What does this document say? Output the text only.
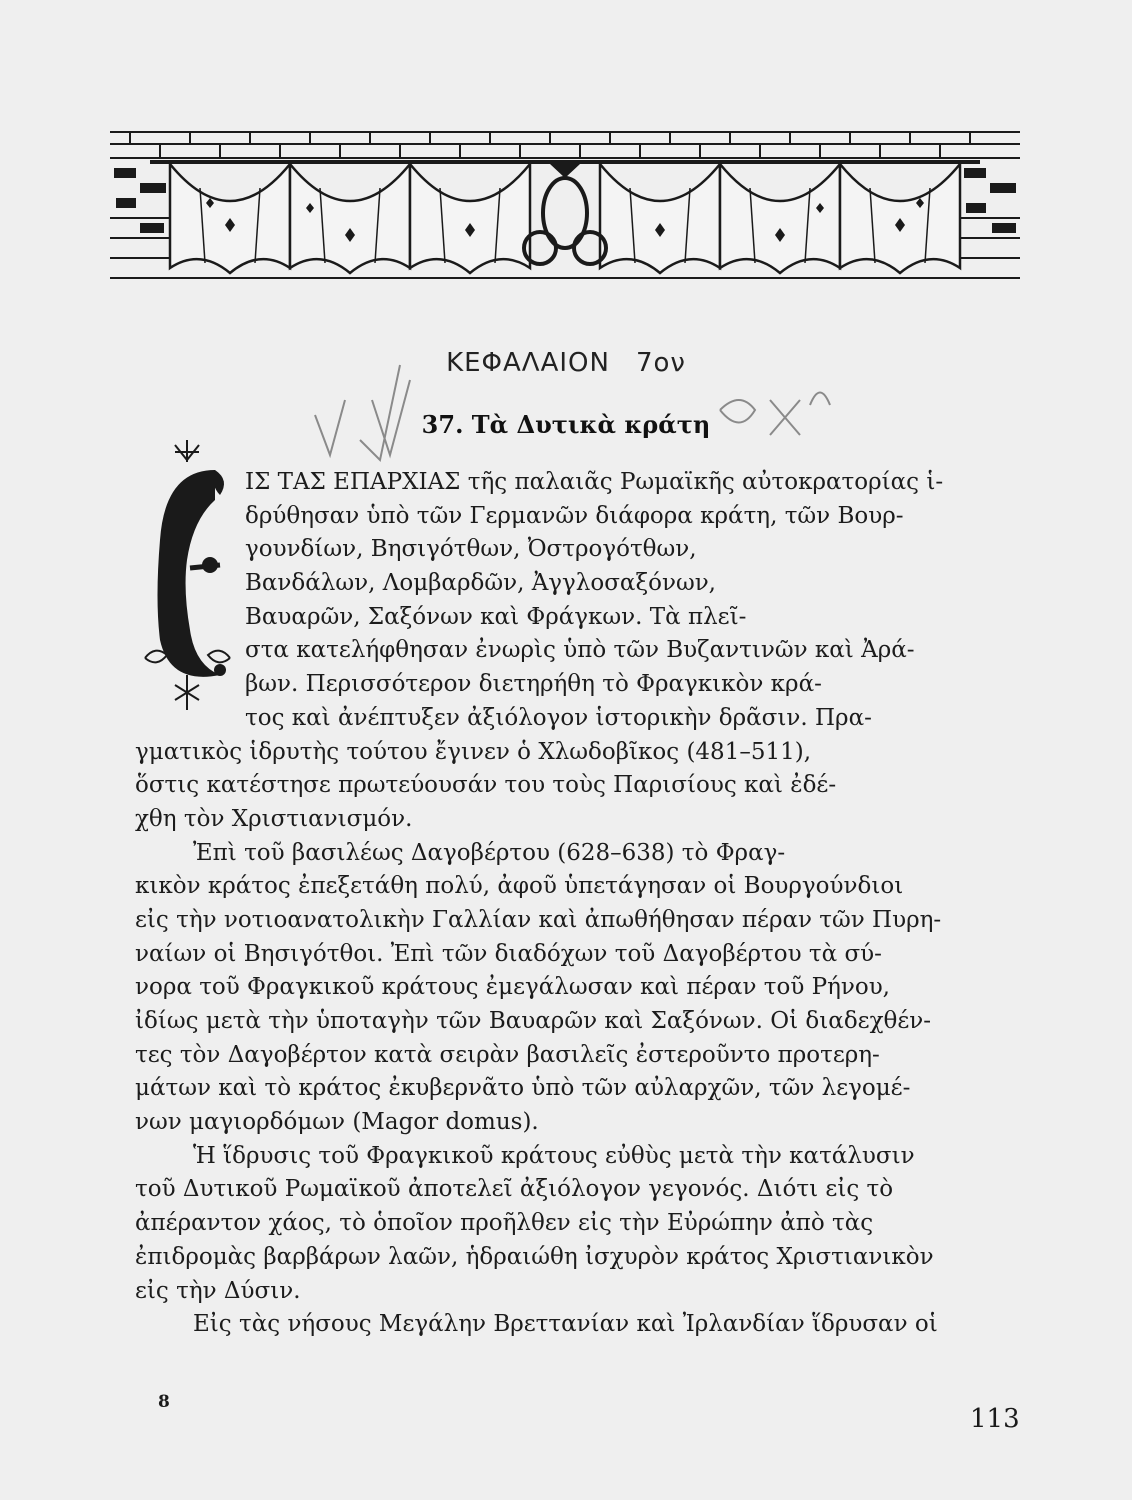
ΚΕΦΑΛΑΙΟΝ 7ον
37. Τὰ Δυτικὰ κράτη
ΙΣ ΤΑΣ ΕΠΑΡΧΙΑΣ τῆς παλαιᾶς Ρωμαϊκῆς αὐτοκρατορίας ἱ-
δρύθησαν ὑπὸ τῶν Γερμανῶν διάφορα κράτη, τῶν Βουρ-
γουνδίων, Βησιγότθων, Ὀστρογότθων,
Βανδάλων, Λομβαρδῶν, Ἀγγλοσαξόνων,
Βαυαρῶν, Σαξόνων καὶ Φράγκων. Τὰ πλεῖ-
στα κατελήφθησαν ἐνωρὶς ὑπὸ τῶν Βυζαντινῶν καὶ Ἀρά-
βων. Περισσότερον διετηρήθη τὸ Φραγκικὸν κρά-
τος καὶ ἀνέπτυξεν ἀξιόλογον ἱστορικὴν δρᾶσιν. Πρα-
γματικὸς ἱδρυτὴς τούτου ἔγινεν ὁ Χλωδοβῖκος (481–511),
ὅστις κατέστησε πρωτεύουσάν του τοὺς Παρισίους καὶ ἐδέ-
χθη τὸν Χριστιανισμόν.
Ἐπὶ τοῦ βασιλέως Δαγοβέρτου (628–638) τὸ Φραγ-
κικὸν κράτος ἐπεξετάθη πολύ, ἀφοῦ ὑπετάγησαν οἱ Βουργούνδιοι
εἰς τὴν νοτιοανατολικὴν Γαλλίαν καὶ ἀπωθήθησαν πέραν τῶν Πυρη-
ναίων οἱ Βησιγότθοι. Ἐπὶ τῶν διαδόχων τοῦ Δαγοβέρτου τὰ σύ-
νορα τοῦ Φραγκικοῦ κράτους ἐμεγάλωσαν καὶ πέραν τοῦ Ρήνου,
ἰδίως μετὰ τὴν ὑποταγὴν τῶν Βαυαρῶν καὶ Σαξόνων. Οἱ διαδεχθέν-
τες τὸν Δαγοβέρτον κατὰ σειρὰν βασιλεῖς ἐστεροῦντο προτερη-
μάτων καὶ τὸ κράτος ἐκυβερνᾶτο ὑπὸ τῶν αὐλαρχῶν, τῶν λεγομέ-
νων μαγιορδόμων (Magor domus).
Ἡ ἵδρυσις τοῦ Φραγκικοῦ κράτους εὐθὺς μετὰ τὴν κατάλυσιν
τοῦ Δυτικοῦ Ρωμαϊκοῦ ἀποτελεῖ ἀξιόλογον γεγονός. Διότι εἰς τὸ
ἀπέραντον χάος, τὸ ὁποῖον προῆλθεν εἰς τὴν Εὐρώπην ἀπὸ τὰς
ἐπιδρομὰς βαρβάρων λαῶν, ἡδραιώθη ἰσχυρὸν κράτος Χριστιανικὸν
εἰς τὴν Δύσιν.
Εἰς τὰς νήσους Μεγάλην Βρεττανίαν καὶ Ἰρλανδίαν ἵδρυσαν οἱ
8
113
